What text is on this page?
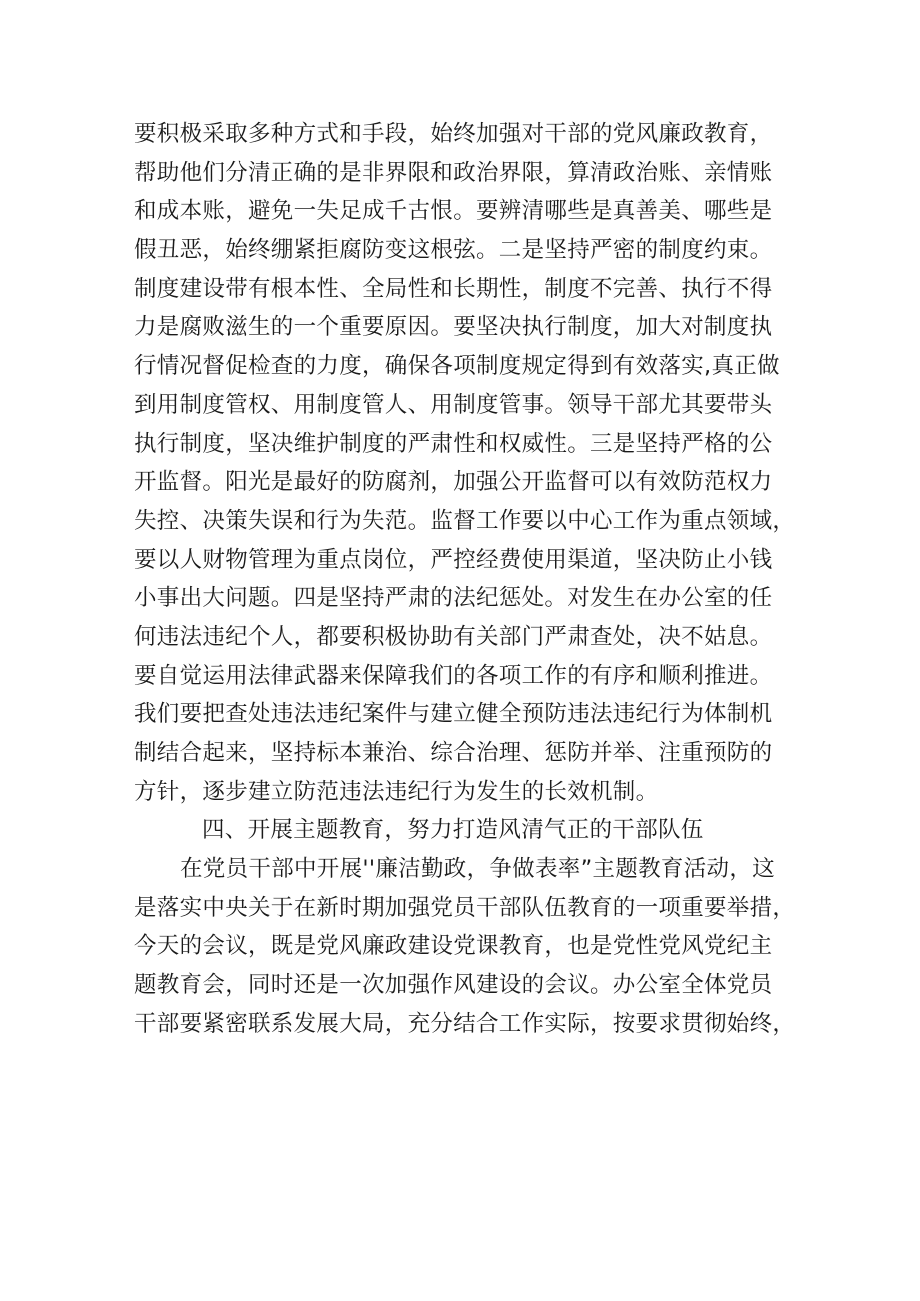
要积极采取多种方式和手段，始终加强对干部的党风廉政教育，
帮助他们分清正确的是非界限和政治界限，算清政治账、亲情账
和成本账，避免一失足成千古恨。要辨清哪些是真善美、哪些是
假丑恶，始终绷紧拒腐防变这根弦。二是坚持严密的制度约束。
制度建设带有根本性、全局性和长期性，制度不完善、执行不得
力是腐败滋生的一个重要原因。要坚决执行制度，加大对制度执
行情况督促检查的力度，确保各项制度规定得到有效落实,真正做
到用制度管权、用制度管人、用制度管事。领导干部尤其要带头
执行制度，坚决维护制度的严肃性和权威性。三是坚持严格的公
开监督。阳光是最好的防腐剂，加强公开监督可以有效防范权力
失控、决策失误和行为失范。监督工作要以中心工作为重点领域，
要以人财物管理为重点岗位，严控经费使用渠道，坚决防止小钱
小事出大问题。四是坚持严肃的法纪惩处。对发生在办公室的任
何违法违纪个人，都要积极协助有关部门严肃查处，决不姑息。
要自觉运用法律武器来保障我们的各项工作的有序和顺利推进。
我们要把查处违法违纪案件与建立健全预防违法违纪行为体制机
制结合起来，坚持标本兼治、综合治理、惩防并举、注重预防的
方针，逐步建立防范违法违纪行为发生的长效机制。
四、开展主题教育，努力打造风清气正的干部队伍
在党员干部中开展''廉洁勤政，争做表率”主题教育活动，这
是落实中央关于在新时期加强党员干部队伍教育的一项重要举措，
今天的会议，既是党风廉政建设党课教育，也是党性党风党纪主
题教育会，同时还是一次加强作风建设的会议。办公室全体党员
干部要紧密联系发展大局，充分结合工作实际，按要求贯彻始终，
